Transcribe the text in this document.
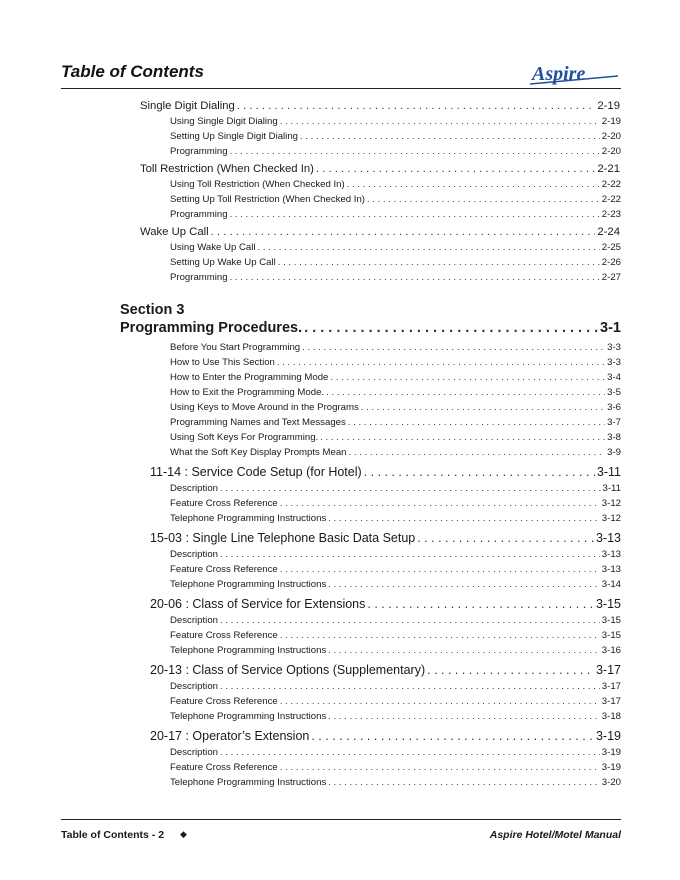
Table of Contents	Aspire
Single Digit Dialing . . .	2-19
Using Single Digit Dialing . . .	2-19
Setting Up Single Digit Dialing . . .	2-20
Programming . . .	2-20
Toll Restriction (When Checked In) . . .	2-21
Using Toll Restriction (When Checked In) . . .	2-22
Setting Up Toll Restriction (When Checked In) . . .	2-22
Programming . . .	2-23
Wake Up Call . . .	2-24
Using Wake Up Call . . .	2-25
Setting Up Wake Up Call . . .	2-26
Programming . . .	2-27
Section 3
Programming Procedures. . . .	3-1
Before You Start Programming . . .	3-3
How to Use This Section . . .	3-3
How to Enter the Programming Mode . . .	3-4
How to Exit the Programming Mode. . . .	3-5
Using Keys to Move Around in the Programs . . .	3-6
Programming Names and Text Messages . . .	3-7
Using Soft Keys For Programming. . . .	3-8
What the Soft Key Display Prompts Mean . . .	3-9
11-14 : Service Code Setup (for Hotel) . . .	3-11
Description . . .	3-11
Feature Cross Reference . . .	3-12
Telephone Programming Instructions . . .	3-12
15-03 : Single Line Telephone Basic Data Setup . . .	3-13
Description . . .	3-13
Feature Cross Reference . . .	3-13
Telephone Programming Instructions . . .	3-14
20-06 : Class of Service for Extensions . . .	3-15
Description . . .	3-15
Feature Cross Reference . . .	3-15
Telephone Programming Instructions . . .	3-16
20-13 : Class of Service Options (Supplementary) . . .	3-17
Description . . .	3-17
Feature Cross Reference . . .	3-17
Telephone Programming Instructions . . .	3-18
20-17 : Operator’s Extension . . .	3-19
Description . . .	3-19
Feature Cross Reference . . .	3-19
Telephone Programming Instructions . . .	3-20
Table of Contents - 2 ◆	Aspire Hotel/Motel Manual
